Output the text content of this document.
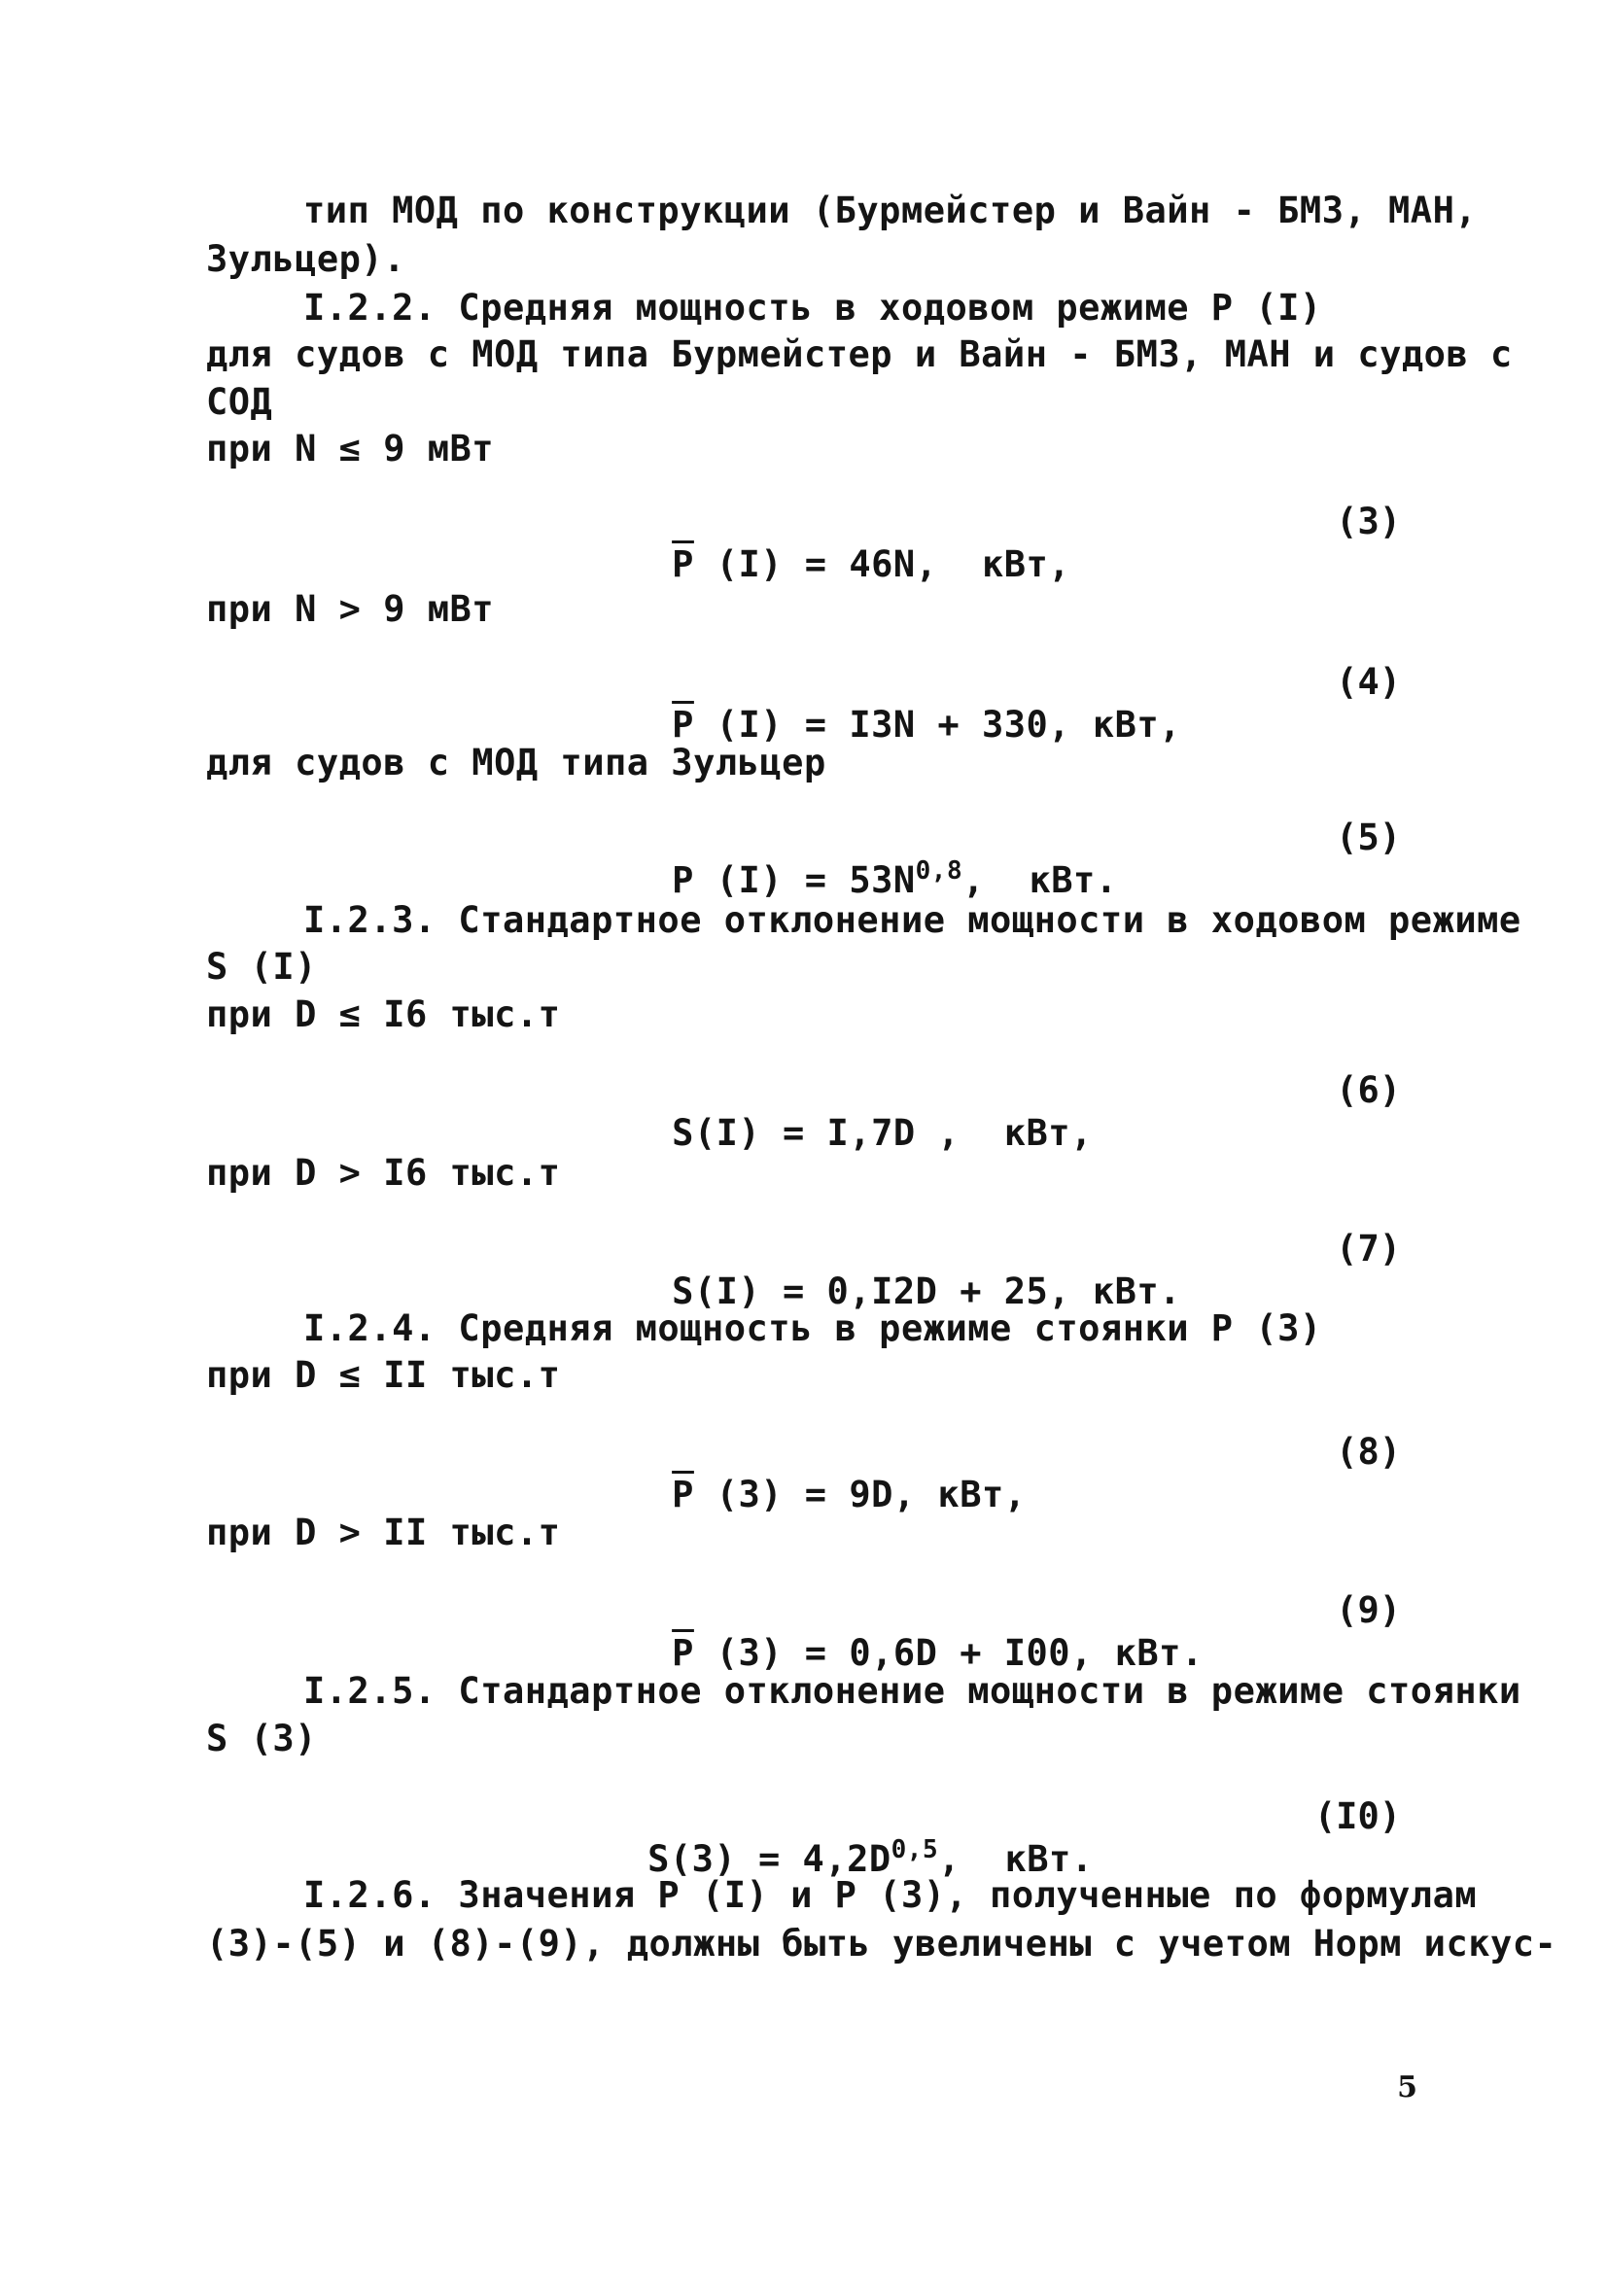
тип МОД по конструкции (Бурмейстер и Вайн - БМЗ, МАН,
Зульцер).
I.2.2. Средняя мощность в ходовом режиме P (I)
для судов с МОД типа Бурмейстер и Вайн - БМЗ, МАН и судов с
СОД
при N ≤ 9 мВт

$\overline{P}$ (I) = 46N,  кВт,

(3)
при N > 9 мВт

$\overline{P}$ (I) = I3N + 330, кВт,

(4)
для судов с МОД типа Зульцер

P $(I) = 53N^{0,8}$,  кВт.

(5)
I.2.3. Стандартное отклонение мощности в ходовом режиме
S (I)
при D ≤ I6 тыс.т

S(I) = I,7D ,  кВт,

(6)
при D > I6 тыс.т

S(I) = 0,I2D + 25, кВт.

(7)
I.2.4. Средняя мощность в режиме стоянки P (3)
при D ≤ II тыс.т

$\overline{P}$ (3) = 9D, кВт,

(8)
при D > II тыс.т

$\overline{P}$ (3) = 0,6D + I00, кВт.

(9)
I.2.5. Стандартное отклонение мощности в режиме стоянки
S (3)

$S(3) = 4,2D^{0,5}$,  кВт.

(I0)
I.2.6. Значения P (I) и P (3), полученные по формулам
(3)-(5) и (8)-(9), должны быть увеличены с учетом Норм искус-
5
